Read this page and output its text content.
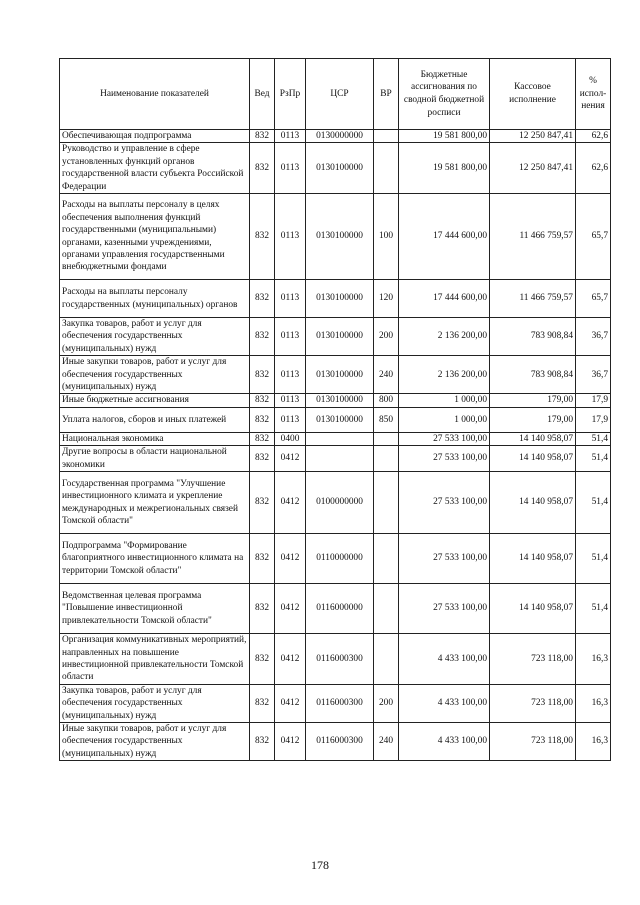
Наименование показателей	Вед	РзПр	ЦСР	ВР	Бюджетные ассигнования по сводной бюджетной росписи	Кассовое исполнение	% испол-нения
Обеспечивающая подпрограмма	832	0113	0130000000		19 581 800,00	12 250 847,41	62,6
Руководство и управление в сфере установленных функций органов государственной власти субъекта Российской Федерации	832	0113	0130100000		19 581 800,00	12 250 847,41	62,6
Расходы на выплаты персоналу в целях обеспечения выполнения функций государственными (муниципальными) органами, казенными учреждениями, органами управления государственными внебюджетными фондами	832	0113	0130100000	100	17 444 600,00	11 466 759,57	65,7
Расходы на выплаты персоналу государственных (муниципальных) органов	832	0113	0130100000	120	17 444 600,00	11 466 759,57	65,7
Закупка товаров, работ и услуг для обеспечения государственных (муниципальных) нужд	832	0113	0130100000	200	2 136 200,00	783 908,84	36,7
Иные закупки товаров, работ и услуг для обеспечения государственных (муниципальных) нужд	832	0113	0130100000	240	2 136 200,00	783 908,84	36,7
Иные бюджетные ассигнования	832	0113	0130100000	800	1 000,00	179,00	17,9
Уплата налогов, сборов и иных платежей	832	0113	0130100000	850	1 000,00	179,00	17,9
Национальная экономика	832	0400			27 533 100,00	14 140 958,07	51,4
Другие вопросы в области национальной экономики	832	0412			27 533 100,00	14 140 958,07	51,4
Государственная программа "Улучшение инвестиционного климата и укрепление международных и межрегиональных связей Томской области"	832	0412	0100000000		27 533 100,00	14 140 958,07	51,4
Подпрограмма "Формирование благоприятного инвестиционного климата на территории Томской области"	832	0412	0110000000		27 533 100,00	14 140 958,07	51,4
Ведомственная целевая программа "Повышение инвестиционной привлекательности Томской области"	832	0412	0116000000		27 533 100,00	14 140 958,07	51,4
Организация коммуникативных мероприятий, направленных на повышение инвестиционной привлекательности Томской области	832	0412	0116000300		4 433 100,00	723 118,00	16,3
Закупка товаров, работ и услуг для обеспечения государственных (муниципальных) нужд	832	0412	0116000300	200	4 433 100,00	723 118,00	16,3
Иные закупки товаров, работ и услуг для обеспечения государственных (муниципальных) нужд	832	0412	0116000300	240	4 433 100,00	723 118,00	16,3
178
